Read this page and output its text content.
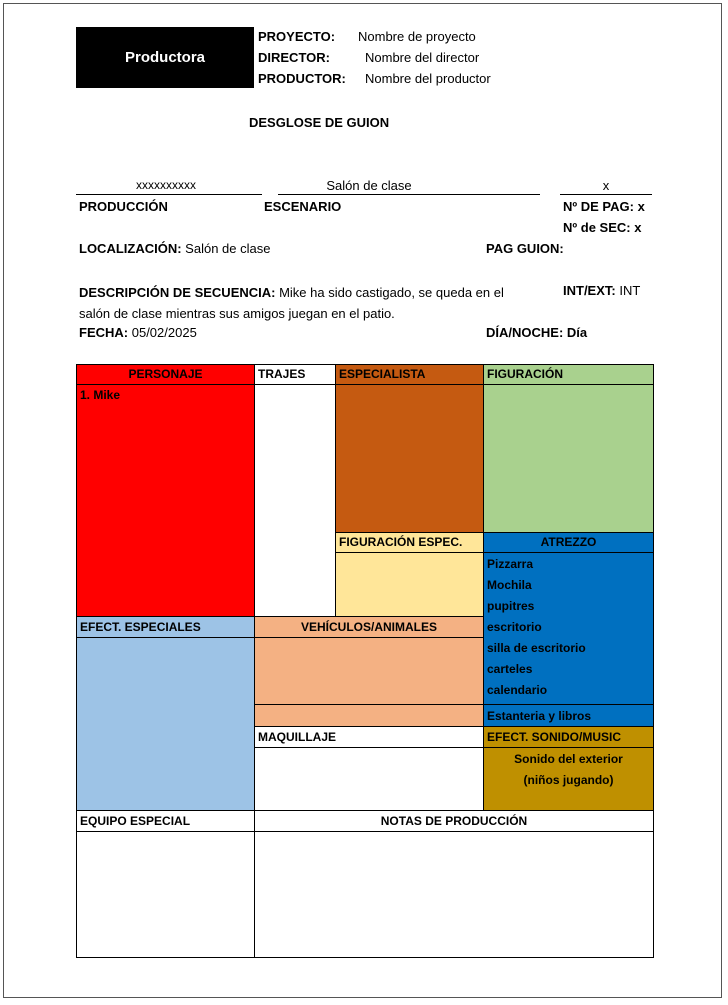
Productora
PROYECTO: Nombre de proyecto
DIRECTOR:	Nombre del director
PRODUCTOR: Nombre del productor
DESGLOSE DE GUION
xxxxxxxxxx
PRODUCCIÓN
Salón de clase
ESCENARIO
x
Nº DE PAG: x
Nº de SEC: x
LOCALIZACIÓN: Salón de clase	PAG GUION:
DESCRIPCIÓN DE SECUENCIA: Mike ha sido castigado, se queda en el
salón de clase mientras sus amigos juegan en el patio.
INT/EXT: INT
FECHA: 05/02/2025	DÍA/NOCHE: Día
PERSONAJE
1. Mike
TRAJES	ESPECIALISTA	FIGURACIÓN
FIGURACIÓN ESPEC.	ATREZZO
Pizzarra
Mochila
pupitres
escritorio
silla de escritorio
carteles
calendario
Estanteria y libros
EFECT. ESPECIALES	VEHÍCULOS/ANIMALES
MAQUILLAJE	EFECT. SONIDO/MUSIC
Sonido del exterior
(niños jugando)
EQUIPO ESPECIAL	NOTAS DE PRODUCCIÓN
